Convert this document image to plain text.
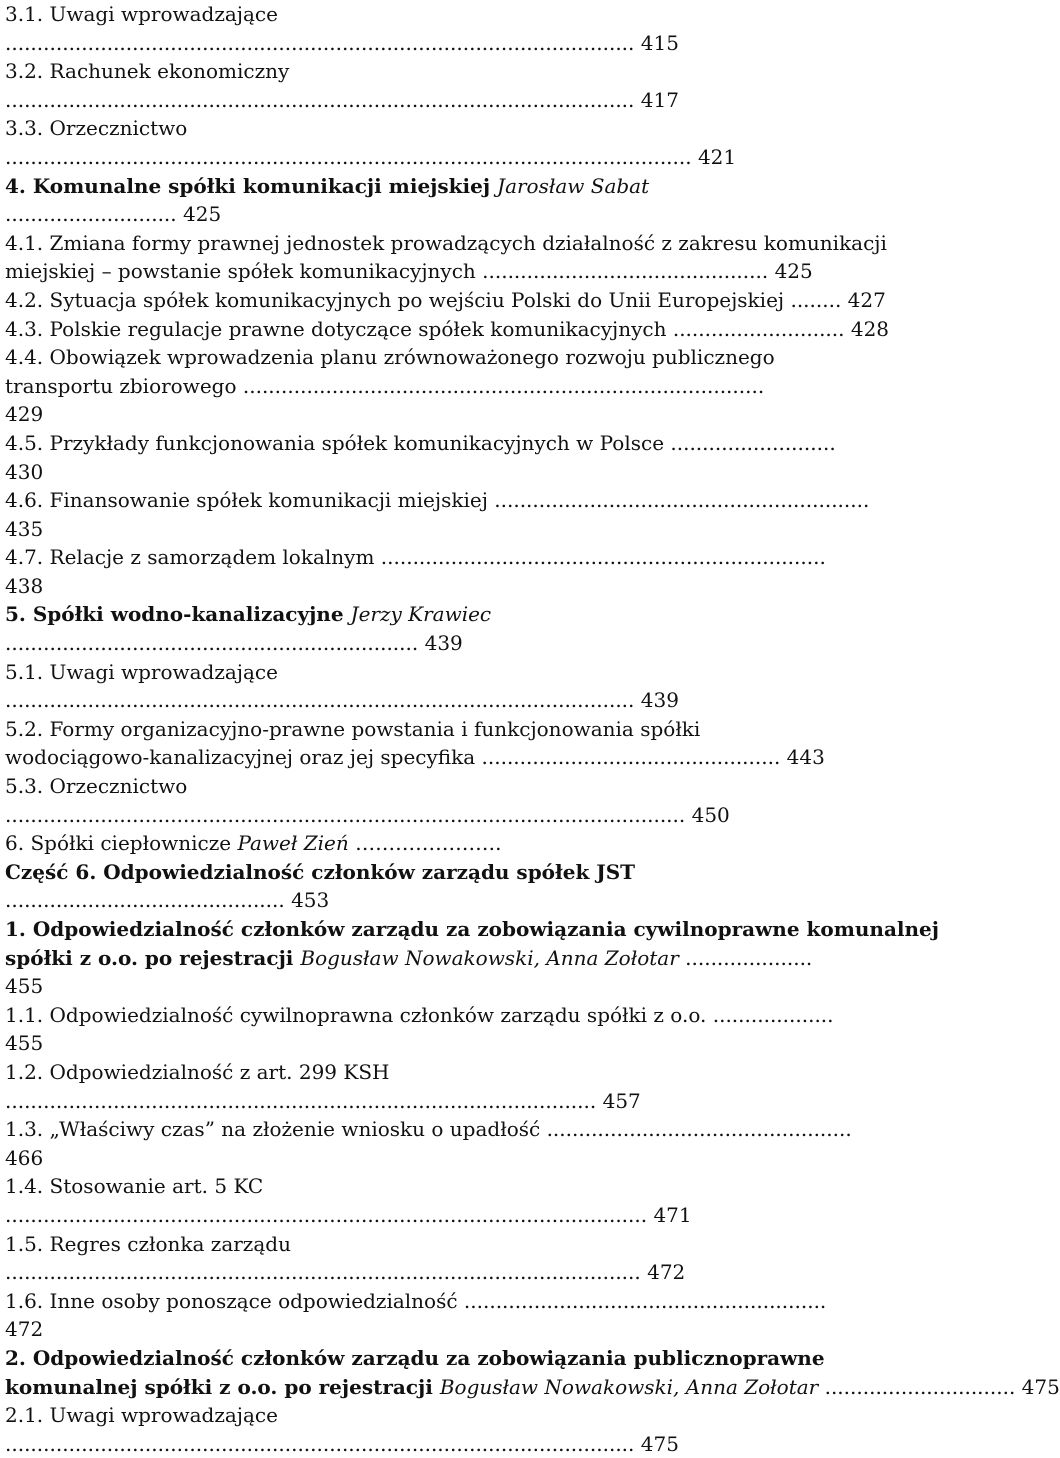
3.1. Uwagi wprowadzające
................................................................................................... 415
3.2. Rachunek ekonomiczny
................................................................................................... 417
3.3. Orzecznictwo
............................................................................................................ 421
4. Komunalne spółki komunikacji miejskiej Jarosław Sabat
........................... 425
4.1. Zmiana formy prawnej jednostek prowadzących działalność z zakresu komunikacji
miejskiej – powstanie spółek komunikacyjnych ............................................. 425
4.2. Sytuacja spółek komunikacyjnych po wejściu Polski do Unii Europejskiej ........ 427
4.3. Polskie regulacje prawne dotyczące spółek komunikacyjnych ........................... 428
4.4. Obowiązek wprowadzenia planu zrównoważonego rozwoju publicznego
transportu zbiorowego ..................................................................................
429
4.5. Przykłady funkcjonowania spółek komunikacyjnych w Polsce ..........................
430
4.6. Finansowanie spółek komunikacji miejskiej ...........................................................
435
4.7. Relacje z samorządem lokalnym ......................................................................
438
5. Spółki wodno-kanalizacyjne Jerzy Krawiec
................................................................. 439
5.1. Uwagi wprowadzające
................................................................................................... 439
5.2. Formy organizacyjno-prawne powstania i funkcjonowania spółki
wodociągowo-kanalizacyjnej oraz jej specyfika ............................................... 443
5.3. Orzecznictwo
........................................................................................................... 450
6. Spółki ciepłownicze Paweł Zień ………………….
Część 6. Odpowiedzialność członków zarządu spółek JST
............................................ 453
1. Odpowiedzialność członków zarządu za zobowiązania cywilnoprawne komunalnej
spółki z o.o. po rejestracji Bogusław Nowakowski, Anna Zołotar ....................
455
1.1. Odpowiedzialność cywilnoprawna członków zarządu spółki z o.o. ...................
455
1.2. Odpowiedzialność z art. 299 KSH
............................................................................................. 457
1.3. „Właściwy czas” na złożenie wniosku o upadłość ................................................
466
1.4. Stosowanie art. 5 KC
..................................................................................................... 471
1.5. Regres członka zarządu
.................................................................................................... 472
1.6. Inne osoby ponoszące odpowiedzialność .........................................................
472
2. Odpowiedzialność członków zarządu za zobowiązania publicznoprawne
komunalnej spółki z o.o. po rejestracji Bogusław Nowakowski, Anna Zołotar .............................. 475
2.1. Uwagi wprowadzające
................................................................................................... 475
